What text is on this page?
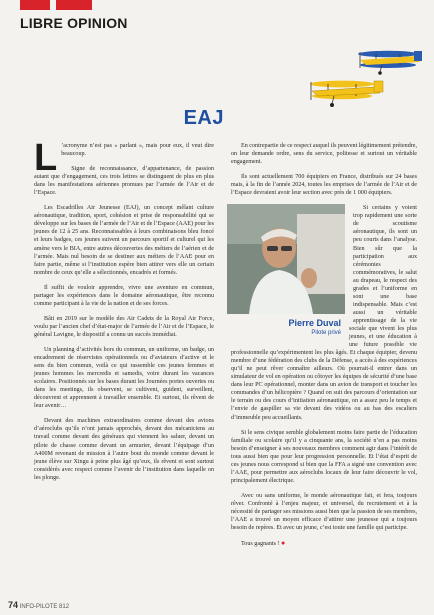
LIBRE OPINION
EAJ

L ’acronyme n’est pas « parlant », mais pour eux, il veut dire beaucoup.

Signe de reconnaissance, d’appartenance, de passion autant que d’engagement, ces trois lettres se distinguent de plus en plus dans les manifestations aériennes promues par l’armée de l’Air et de l’Espace.

Les Escadrilles Air Jeunesse (EAJ), un concept mêlant culture aéronautique, tradition, sport, cohésion et prise de responsabilité qui se développe sur les bases de l’armée de l’Air et de l’Espace (AAE) pour les jeunes de 12 à 25 ans. Reconnaissables à leurs combinaisons bleu foncé et leurs badges, ces jeunes suivent un parcours sportif et culturel qui les amène vers le BIA, entre autres découvertes des métiers de l’aérien et de l’armée. Mais nul besoin de se destiner aux métiers de l’AAE pour en faire partie, même si l’institution espère bien attirer vers elle un certain nombre de ceux qu’elle a sélectionnés, encadrés et formés.

Il suffit de vouloir apprendre, vivre une aventure en commun, partager les expériences dans le domaine aéronautique, être reconnu comme participant à la vie de la nation et de ses forces.

Bâti en 2019 sur le modèle des Air Cadets de la Royal Air Force, voulu par l’ancien chef d’état-major de l’armée de l’Air et de l’Espace, le général Lavigne, le dispositif a connu un succès immédiat.

Un planning d’activités hors du commun, un uniforme, un badge, un encadrement de réservistes opérationnels ou d’aviateurs d’active et le sens du bien commun, voilà ce qui rassemble ces jeunes femmes et jeunes hommes les mercredis et samedis, voire durant les vacances scolaires. Positionnés sur les bases durant les Journées portes ouvertes ou dans les meetings, ils observent, se cultivent, guident, surveillent, découvrent et apprennent à travailler ensemble. Et surtout, ils rêvent de leur avenir…

Devant des machines extraordinaires comme devant des avions d’aéroclubs qu’ils n’ont jamais approchés, devant des mécaniciens au travail comme devant des généraux qui viennent les saluer, devant un pilote de chasse comme devant un armurier, devant l’équipage d’un A400M revenant de mission à l’autre bout du monde comme devant le jeune élève sur Xingu à peine plus âgé qu’eux, ils rêvent et sont surtout considérés avec respect comme l’avenir de l’institution dans laquelle on les plonge.

En contrepartie de ce respect auquel ils peuvent légitimement prétendre, on leur demande ordre, sens du service, politesse et surtout un véritable engagement.

Ils sont actuellement 700 équipiers en France, distribués sur 24 bases mais, à la fin de l’année 2024, toutes les emprises de l’armée de l’Air et de l’Espace devraient avoir leur section avec près de 1 000 équipiers.

Pierre Duval
Pilote privé

Si certains y voient trop rapidement une sorte de scoutisme aéronautique, ils sont un peu courts dans l’analyse. Bien sûr que la participation aux cérémonies commémoratives, le salut au drapeau, le respect des grades et l’uniforme en sont une base indispensable. Mais c’est aussi un véritable apprentissage de la vie sociale que vivent les plus jeunes, et une éducation à une future possible vie professionnelle qu’expérimentent les plus âgés. Et chaque équipier, devenu membre d’une fédération des clubs de la Défense, a accès à des expériences qu’il ne peut rêver connaître ailleurs. Où pourrait-il entrer dans un simulateur de vol en opération ou côtoyer les équipes de sécurité d’une base dans leur PC opérationnel, monter dans un avion de transport et toucher les commandes d’un hélicoptère ? Quand on suit des parcours d’orientation sur le terrain ou des cours d’initiation aéronautique, on a assez peu le temps et l’envie de gaspiller sa vie devant des vidéos ou au bas des escaliers d’immeuble peu accueillants.

Si le sens civique semble globalement moins faire partie de l’éducation familiale ou scolaire qu’il y a cinquante ans, la société n’en a pas moins besoin d’enseigner à ses nouveaux membres comment agir dans l’intérêt de tous aussi bien que pour leur progression personnelle. Et l’état d’esprit de ces jeunes nous correspond si bien que la FFA a signé une convention avec l’AAE, pour permettre aux aéroclubs locaux de leur faire découvrir le vol, principalement électrique.

Avec ou sans uniforme, le monde aéronautique fait, et fera, toujours rêver. Confronté à l’enjeu majeur, et universel, du recrutement et à la nécessité de partager ses missions aussi bien que la passion de ses membres, l’AAE a trouvé un moyen efficace d’attirer une jeunesse qui a toujours besoin de repères. Et avec un jeune, c’est toute une famille qui participe.

Tous gagnants ! ●

74 INFO-PILOTE 812
